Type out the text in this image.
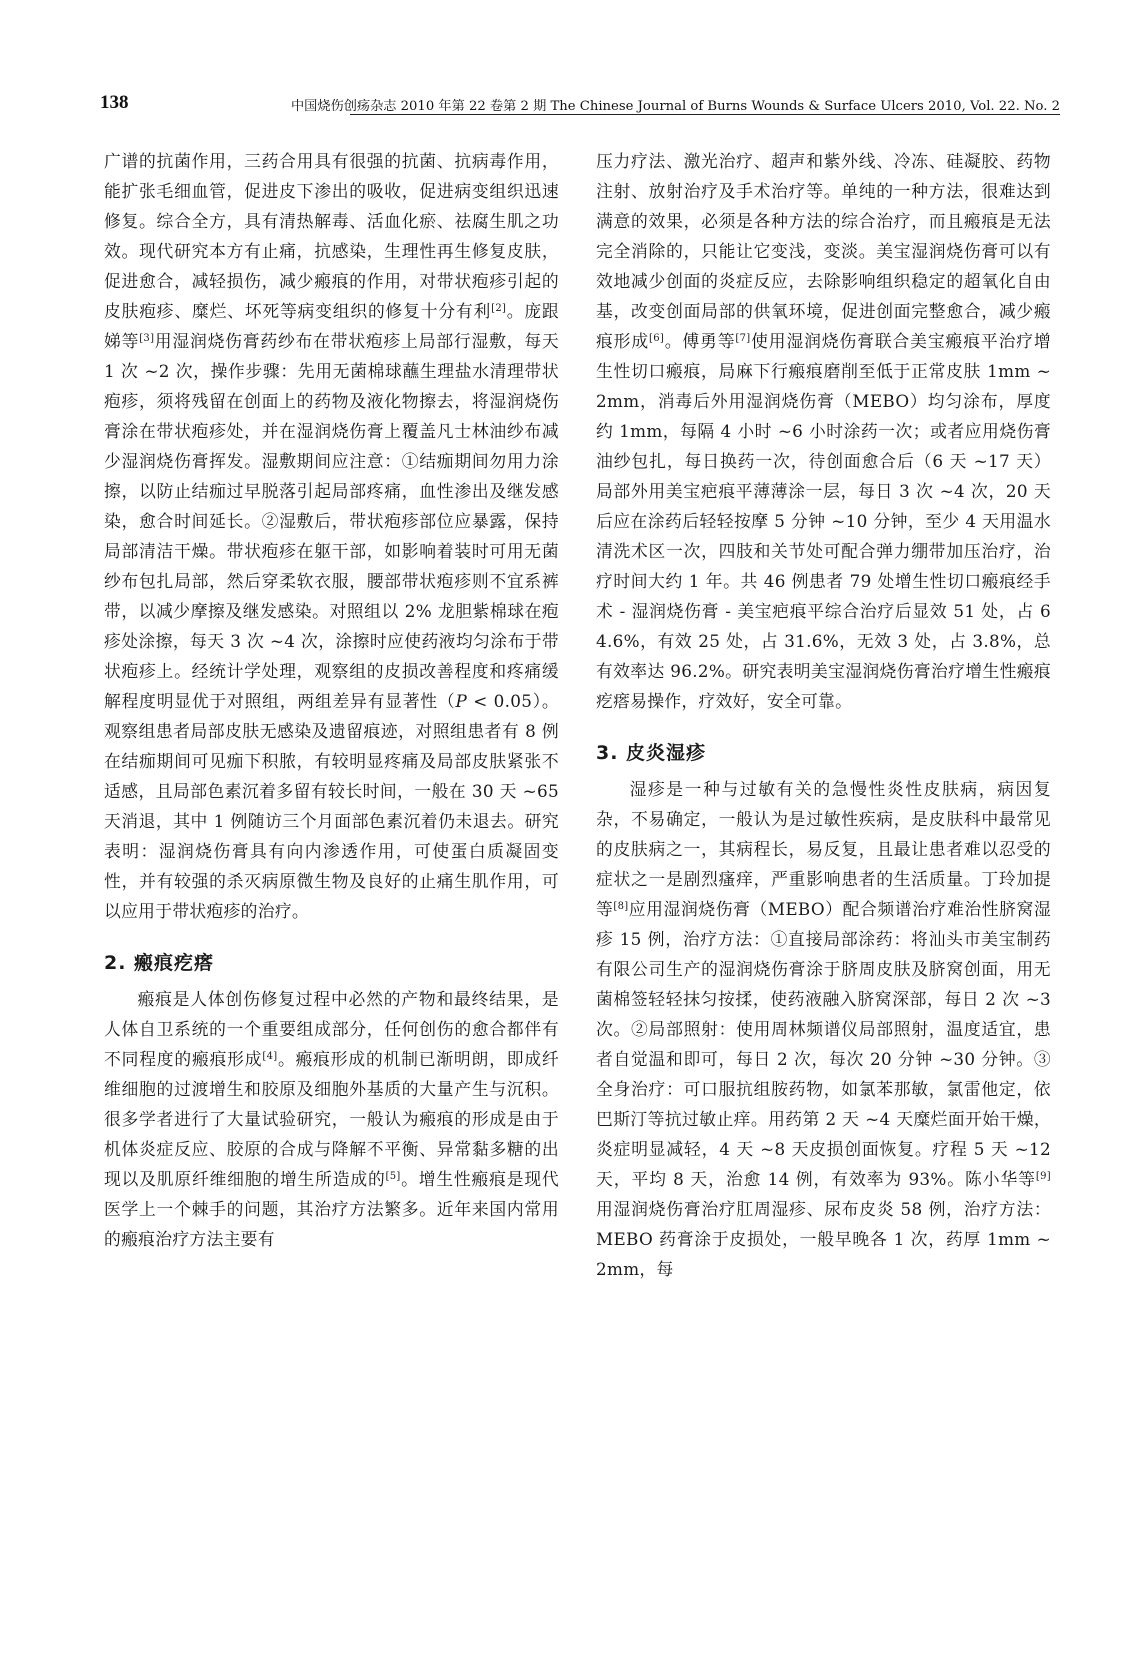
138	中国烧伤创疡杂志 2010 年第 22 卷第 2 期 The Chinese Journal of Burns Wounds & Surface Ulcers 2010, Vol. 22. No. 2

广谱的抗菌作用，三药合用具有很强的抗菌、抗病毒作用，能扩张毛细血管，促进皮下渗出的吸收，促进病变组织迅速修复。综合全方，具有清热解毒、活血化瘀、祛腐生肌之功效。现代研究本方有止痛，抗感染，生理性再生修复皮肤，促进愈合，减轻损伤，减少瘢痕的作用，对带状疱疹引起的皮肤疱疹、糜烂、坏死等病变组织的修复十分有利[2]。庞跟娣等[3]用湿润烧伤膏药纱布在带状疱疹上局部行湿敷，每天 1 次 ~2 次，操作步骤：先用无菌棉球蘸生理盐水清理带状疱疹，须将残留在创面上的药物及液化物擦去，将湿润烧伤膏涂在带状疱疹处，并在湿润烧伤膏上覆盖凡士林油纱布减少湿润烧伤膏挥发。湿敷期间应注意：①结痂期间勿用力涂擦，以防止结痂过早脱落引起局部疼痛，血性渗出及继发感染，愈合时间延长。②湿敷后，带状疱疹部位应暴露，保持局部清洁干燥。带状疱疹在躯干部，如影响着装时可用无菌纱布包扎局部，然后穿柔软衣服，腰部带状疱疹则不宜系裤带，以减少摩擦及继发感染。对照组以 2% 龙胆紫棉球在疱疹处涂擦，每天 3 次 ~4 次，涂擦时应使药液均匀涂布于带状疱疹上。经统计学处理，观察组的皮损改善程度和疼痛缓解程度明显优于对照组，两组差异有显著性（P < 0.05）。观察组患者局部皮肤无感染及遗留痕迹，对照组患者有 8 例在结痂期间可见痂下积脓，有较明显疼痛及局部皮肤紧张不适感，且局部色素沉着多留有较长时间，一般在 30 天 ~65 天消退，其中 1 例随访三个月面部色素沉着仍未退去。研究表明：湿润烧伤膏具有向内渗透作用，可使蛋白质凝固变性，并有较强的杀灭病原微生物及良好的止痛生肌作用，可以应用于带状疱疹的治疗。

2. 瘢痕疙瘩

瘢痕是人体创伤修复过程中必然的产物和最终结果，是人体自卫系统的一个重要组成部分，任何创伤的愈合都伴有不同程度的瘢痕形成[4]。瘢痕形成的机制已渐明朗，即成纤维细胞的过渡增生和胶原及细胞外基质的大量产生与沉积。很多学者进行了大量试验研究，一般认为瘢痕的形成是由于机体炎症反应、胶原的合成与降解不平衡、异常黏多糖的出现以及肌原纤维细胞的增生所造成的[5]。增生性瘢痕是现代医学上一个棘手的问题，其治疗方法繁多。近年来国内常用的瘢痕治疗方法主要有

压力疗法、激光治疗、超声和紫外线、冷冻、硅凝胶、药物注射、放射治疗及手术治疗等。单纯的一种方法，很难达到满意的效果，必须是各种方法的综合治疗，而且瘢痕是无法完全消除的，只能让它变浅，变淡。美宝湿润烧伤膏可以有效地减少创面的炎症反应，去除影响组织稳定的超氧化自由基，改变创面局部的供氧环境，促进创面完整愈合，减少瘢痕形成[6]。傅勇等[7]使用湿润烧伤膏联合美宝瘢痕平治疗增生性切口瘢痕，局麻下行瘢痕磨削至低于正常皮肤 1mm ~2mm，消毒后外用湿润烧伤膏（MEBO）均匀涂布，厚度约 1mm，每隔 4 小时 ~6 小时涂药一次；或者应用烧伤膏油纱包扎，每日换药一次，待创面愈合后（6 天 ~17 天）局部外用美宝疤痕平薄薄涂一层，每日 3 次 ~4 次，20 天后应在涂药后轻轻按摩 5 分钟 ~10 分钟，至少 4 天用温水清洗术区一次，四肢和关节处可配合弹力绷带加压治疗，治疗时间大约 1 年。共 46 例患者 79 处增生性切口瘢痕经手术 - 湿润烧伤膏 - 美宝疤痕平综合治疗后显效 51 处，占 64.6%，有效 25 处，占 31.6%，无效 3 处，占 3.8%，总有效率达 96.2%。研究表明美宝湿润烧伤膏治疗增生性瘢痕疙瘩易操作，疗效好，安全可靠。

3. 皮炎湿疹

湿疹是一种与过敏有关的急慢性炎性皮肤病，病因复杂，不易确定，一般认为是过敏性疾病，是皮肤科中最常见的皮肤病之一，其病程长，易反复，且最让患者难以忍受的症状之一是剧烈瘙痒，严重影响患者的生活质量。丁玲加提等[8]应用湿润烧伤膏（MEBO）配合频谱治疗难治性脐窝湿疹 15 例，治疗方法：①直接局部涂药：将汕头市美宝制药有限公司生产的湿润烧伤膏涂于脐周皮肤及脐窝创面，用无菌棉签轻轻抹匀按揉，使药液融入脐窝深部，每日 2 次 ~3 次。②局部照射：使用周林频谱仪局部照射，温度适宜，患者自觉温和即可，每日 2 次，每次 20 分钟 ~30 分钟。③全身治疗：可口服抗组胺药物，如氯苯那敏，氯雷他定，依巴斯汀等抗过敏止痒。用药第 2 天 ~4 天糜烂面开始干燥，炎症明显减轻，4 天 ~8 天皮损创面恢复。疗程 5 天 ~12 天，平均 8 天，治愈 14 例，有效率为 93%。陈小华等[9]用湿润烧伤膏治疗肛周湿疹、尿布皮炎 58 例，治疗方法：MEBO 药膏涂于皮损处，一般早晚各 1 次，药厚 1mm ~2mm，每
